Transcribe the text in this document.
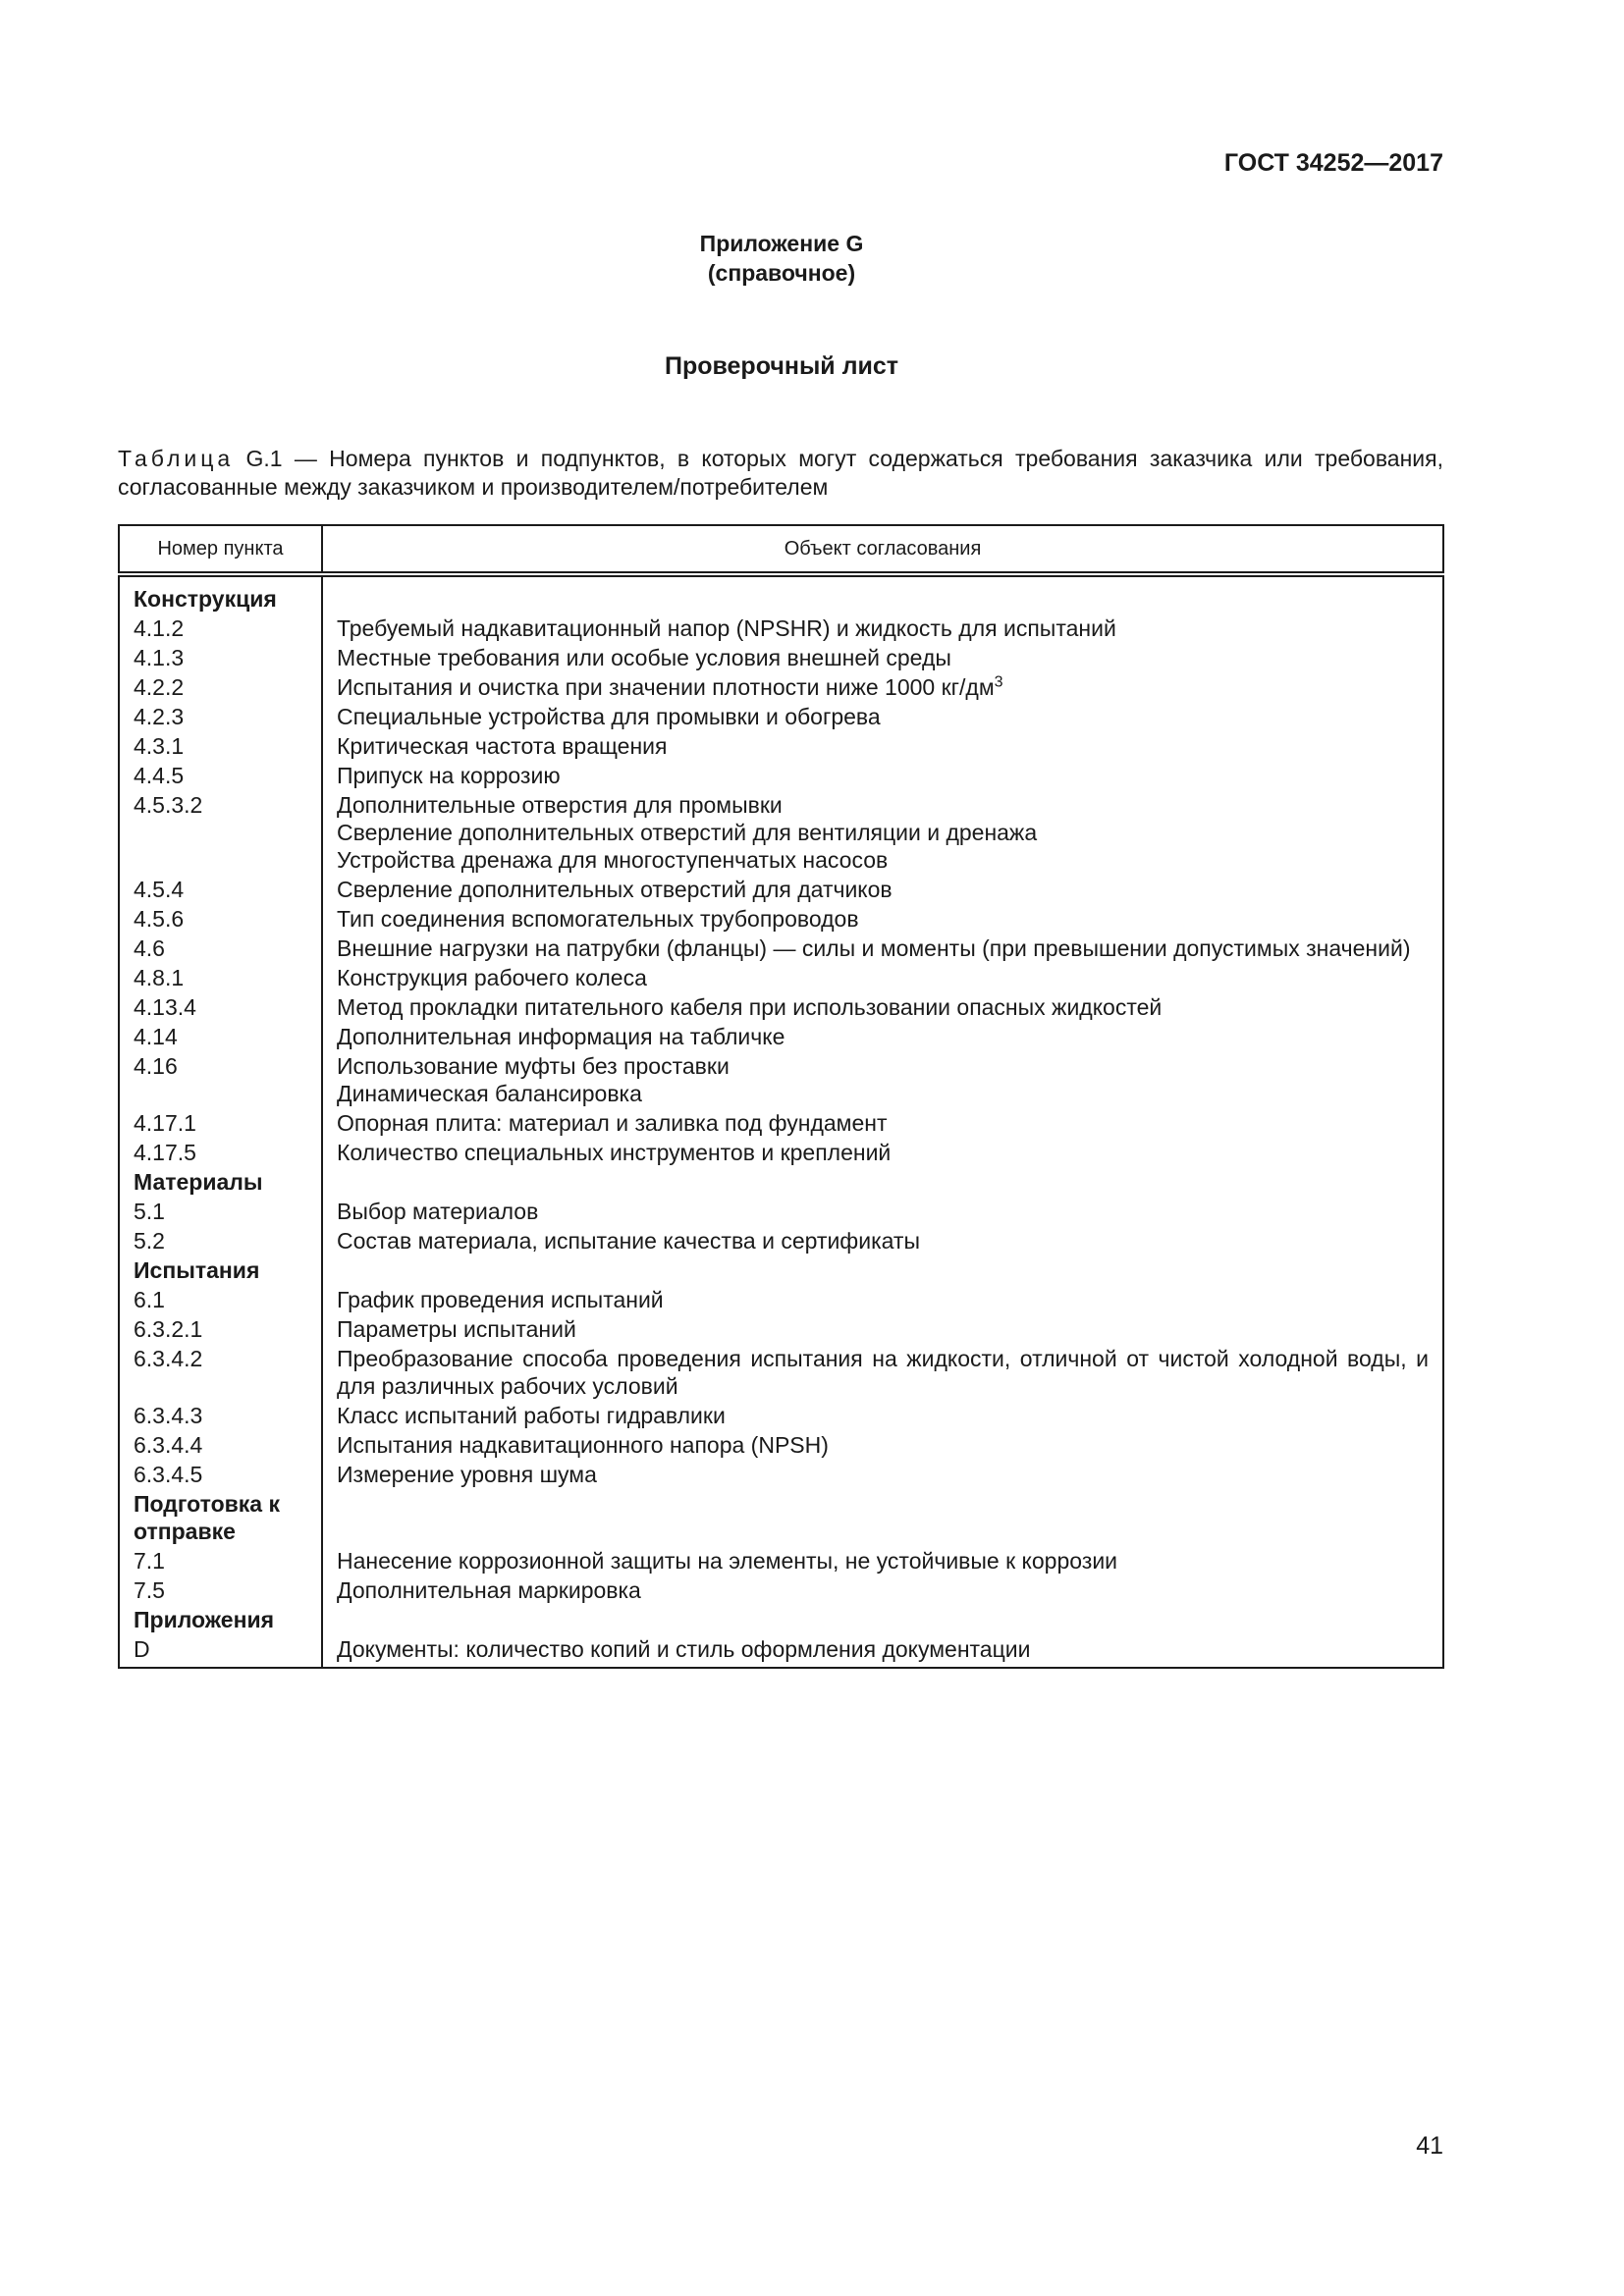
ГОСТ 34252—2017
Приложение G
(справочное)
Проверочный лист
Таблица G.1 — Номера пунктов и подпунктов, в которых могут содержаться требования заказчика или требования, согласованные между заказчиком и производителем/потребителем
Номер пункта	Объект согласования
Конструкция	
4.1.2	Требуемый надкавитационный напор (NPSHR) и жидкость для испытаний

4.1.3	Местные требования или особые условия внешней среды

4.2.2	Испытания и очистка при значении плотности ниже 1000 $кг/дм^3$

4.2.3	Специальные устройства для промывки и обогрева

4.3.1	Критическая частота вращения

4.4.5	Припуск на коррозию

4.5.3.2	Дополнительные отверстия для промывки
Сверление дополнительных отверстий для вентиляции и дренажа
Устройства дренажа для многоступенчатых насосов

4.5.4	Сверление дополнительных отверстий для датчиков

4.5.6	Тип соединения вспомогательных трубопроводов

4.6	Внешние нагрузки на патрубки (фланцы) — силы и моменты (при превышении допустимых значений)

4.8.1	Конструкция рабочего колеса

4.13.4	Метод прокладки питательного кабеля при использовании опасных жидкостей

4.14	Дополнительная информация на табличке

4.16	Использование муфты без проставки
Динамическая балансировка

4.17.1	Опорная плита: материал и заливка под фундамент

4.17.5	Количество специальных инструментов и креплений

Материалы	
5.1	Выбор материалов

5.2	Состав материала, испытание качества и сертификаты

Испытания	
6.1	График проведения испытаний

6.3.2.1	Параметры испытаний

6.3.4.2	Преобразование способа проведения испытания на жидкости, отличной от чистой холодной воды, и для различных рабочих условий

6.3.4.3	Класс испытаний работы гидравлики

6.3.4.4	Испытания надкавитационного напора (NPSH)

6.3.4.5	Измерение уровня шума

Подготовка к отправке	
7.1	Нанесение коррозионной защиты на элементы, не устойчивые к коррозии

7.5	Дополнительная маркировка

Приложения	
D	Документы: количество копий и стиль оформления документации
41
